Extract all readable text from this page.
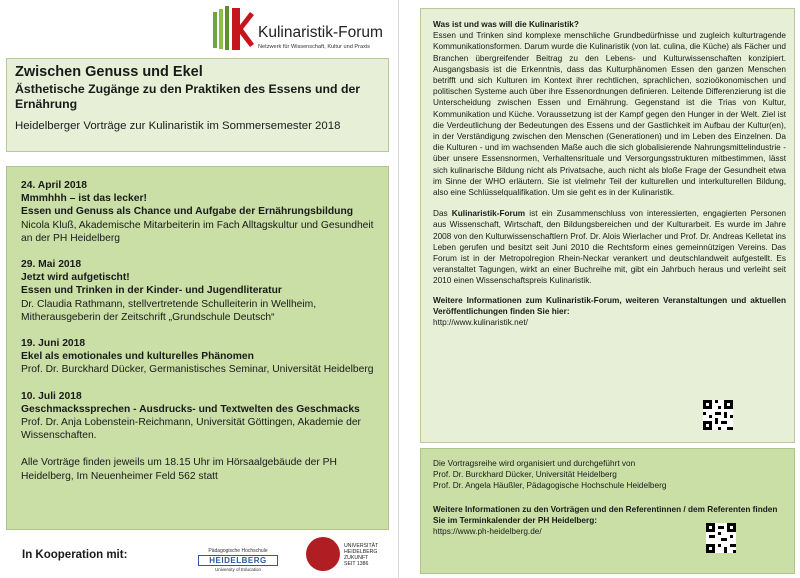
Kulinaristik-Forum
Netzwerk für Wissenschaft, Kultur und Praxis
Zwischen Genuss und Ekel
Ästhetische Zugänge zu den Praktiken des Essens und der Ernährung
Heidelberger Vorträge zur Kulinaristik im Sommersemester 2018
24. April 2018
Mmmhhh – ist das lecker!
Essen und Genuss als Chance und Aufgabe der Ernährungsbildung
Nicola Kluß, Akademische Mitarbeiterin im Fach Alltagskultur und Gesundheit an der PH Heidelberg
29. Mai 2018
Jetzt wird aufgetischt!
Essen und Trinken in der Kinder- und Jugendliteratur
Dr. Claudia Rathmann, stellvertretende Schulleiterin in Wellheim, Mitherausgeberin der Zeitschrift „Grundschule Deutsch“
19. Juni 2018
Ekel als emotionales und kulturelles Phänomen
Prof. Dr. Burckhard Dücker, Germanistisches Seminar, Universität Heidelberg
10. Juli 2018
Geschmackssprechen - Ausdrucks- und Textwelten des Geschmacks
Prof. Dr. Anja Lobenstein-Reichmann, Universität Göttingen, Akademie der Wissenschaften.
Alle Vorträge finden jeweils um 18.15 Uhr im Hörsaalgebäude der PH Heidelberg, Im Neuenheimer Feld 562 statt
In Kooperation mit:	Pädagogische Hochschule
HEIDELBERG
University of Education
UNIVERSITÄT
HEIDELBERG
ZUKUNFT
SEIT 1386

Was ist und was will die Kulinaristik?

Essen und Trinken sind komplexe menschliche Grundbedürfnisse und zugleich kulturtragende Kommunikationsformen. Darum wurde die Kulinaristik (von lat. culina, die Küche) als Fächer und Branchen übergreifender Beitrag zu den Lebens- und Kulturwissenschaften konzipiert. Ausgangsbasis ist die Erkenntnis, dass das Kulturphänomen Essen den ganzen Menschen betrifft und sich Kulturen im Kontext ihrer rechtlichen, sprachlichen, sozioökonomischen und politischen Systeme auch über ihre Essenordnungen definieren. Leitende Differenzierung ist die Unterscheidung zwischen Essen und Ernährung. Gegenstand ist die Trias von Kultur, Kommunikation und Küche. Voraussetzung ist der Kampf gegen den Hunger in der Welt. Ziel ist die Verdeutlichung der Bedeutungen des Essens und der Gastlichkeit im Aufbau der Kultur(en), in der Verständigung zwischen den Menschen (Generationen) und im Leben des Einzelnen. Da die Kulturen - und im wachsenden Maße auch die sich globalisierende Nahrungsmittelindustrie - über unsere Essensnormen, Verhaltensrituale und Versorgungsstrukturen mitbestimmen, lässt sich kulinarische Bildung nicht als Privatsache, auch nicht als bloße Frage der Gesundheit etwa im Sinne der WHO erläutern. Sie ist vielmehr Teil der kulturellen und interkulturellen Bildung, also eine Schlüsselqualifikation. Um sie geht es in der Kulinaristik.

Das Kulinaristik-Forum ist ein Zusammenschluss von interessierten, engagierten Personen aus Wissenschaft, Wirtschaft, den Bildungsbereichen und der Kulturarbeit. Es wurde im Jahre 2008 von den Kulturwissenschaftlern Prof. Dr. Alois Wierlacher und Prof. Dr. Andreas Kelletat ins Leben gerufen und besitzt seit Juni 2010 die Rechtsform eines gemeinnützigen Vereins. Das Forum ist in der Metropolregion Rhein-Neckar verankert und deutschlandweit aufgestellt. Es veranstaltet Tagungen, wirkt an einer Buchreihe mit, gibt ein Jahrbuch heraus und verleiht seit 2010 einen Wissenschaftspreis Kulinaristik.

Weitere Informationen zum Kulinaristik-Forum, weiteren Veranstaltungen und aktuellen Veröffentlichungen finden Sie hier:

http://www.kulinaristik.net/

Die Vortragsreihe wird organisiert und durchgeführt von

Prof. Dr. Burckhard Dücker, Universität Heidelberg

Prof. Dr. Angela Häußler, Pädagogische Hochschule Heidelberg

Weitere Informationen zu den Vorträgen und den Referentinnen / dem Referenten finden Sie im Terminkalender der PH Heidelberg:

https://www.ph-heidelberg.de/
